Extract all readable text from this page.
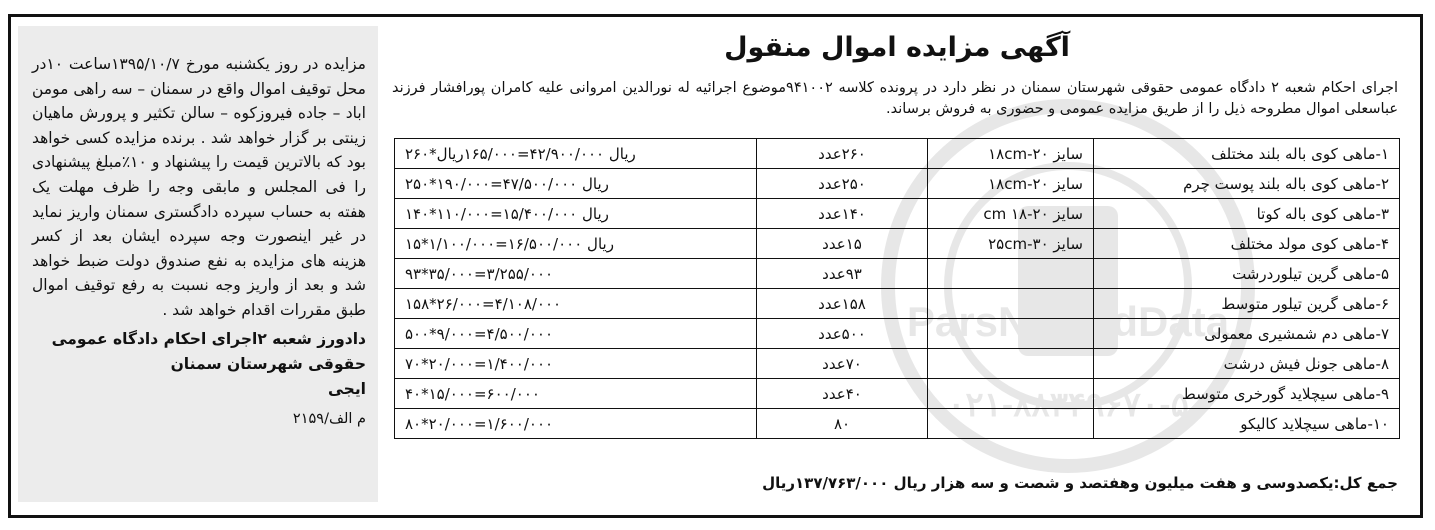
مزایده در روز یکشنبه مورخ ۱۳۹۵/۱۰/۷ساعت ۱۰در محل توقیف اموال واقع در سمنان – سه راهی مومن اباد – جاده فیروزکوه – سالن تکثیر و پرورش ماهیان زینتی بر گزار خواهد شد . برنده مزایده کسی خواهد بود که بالاترین قیمت را پیشنهاد و ۱۰٪مبلغ پیشنهادی را فی المجلس و مابقی وجه را ظرف مهلت یک هفته به حساب سپرده دادگستری سمنان واریز نماید در غیر اینصورت وجه سپرده ایشان بعد از کسر هزینه های مزایده به نفع صندوق دولت ضبط خواهد شد و بعد از واریز وجه نسبت به رفع توقیف اموال طبق مقررات اقدام خواهد شد .

دادورز شعبه ۲اجرای احکام دادگاه عمومی
حقوقی شهرستان سمنان
ایجی
م الف/۲۱۵۹
ParsNamadData
۰۲۱-۸۸۳۴۹۶۷۰-۵
آگهی مزایده اموال منقول

اجرای احکام شعبه ۲ دادگاه عمومی حقوقی شهرستان سمنان در نظر دارد در پرونده کلاسه ۹۴۱۰۰۲موضوع اجرائیه له نورالدین امروانی علیه کامران پورافشار فرزند عباسعلی اموال مطروحه ذیل را از طریق مزایده عمومی و حضوری به فروش برساند.

۱-ماهی کوی باله بلند مختلف	سایز ۲۰-۱۸cm	۲۶۰عدد	ریال ۴۲/۹۰۰/۰۰۰=۱۶۵/۰۰۰ریال*۲۶۰
۲-ماهی کوی باله بلند پوست چرم	سایز ۲۰-۱۸cm	۲۵۰عدد	ریال ۴۷/۵۰۰/۰۰۰=۱۹۰/۰۰۰*۲۵۰
۳-ماهی کوی باله کوتا	سایز ۲۰-۱۸ cm	۱۴۰عدد	ریال ۱۵/۴۰۰/۰۰۰=۱۱۰/۰۰۰*۱۴۰
۴-ماهی کوی مولد مختلف	سایز ۳۰-۲۵cm	۱۵عدد	ریال ۱۶/۵۰۰/۰۰۰=۱/۱۰۰/۰۰۰*۱۵
۵-ماهی گرین تیلوردرشت		۹۳عدد	۳/۲۵۵/۰۰۰=۳۵/۰۰۰*۹۳
۶-ماهی گرین تیلور متوسط		۱۵۸عدد	۴/۱۰۸/۰۰۰=۲۶/۰۰۰*۱۵۸
۷-ماهی دم شمشیری معمولی		۵۰۰عدد	۴/۵۰۰/۰۰۰=۹/۰۰۰*۵۰۰
۸-ماهی جونل فیش درشت		۷۰عدد	۱/۴۰۰/۰۰۰=۲۰/۰۰۰*۷۰
۹-ماهی سیچلاید گورخری متوسط		۴۰عدد	۶۰۰/۰۰۰=۱۵/۰۰۰*۴۰
۱۰-ماهی سیچلاید کالیکو		۸۰	۱/۶۰۰/۰۰۰=۲۰/۰۰۰*۸۰

جمع کل:یکصدوسی و هفت میلیون وهفتصد و شصت و سه هزار ریال ۱۳۷/۷۶۳/۰۰۰ریال
